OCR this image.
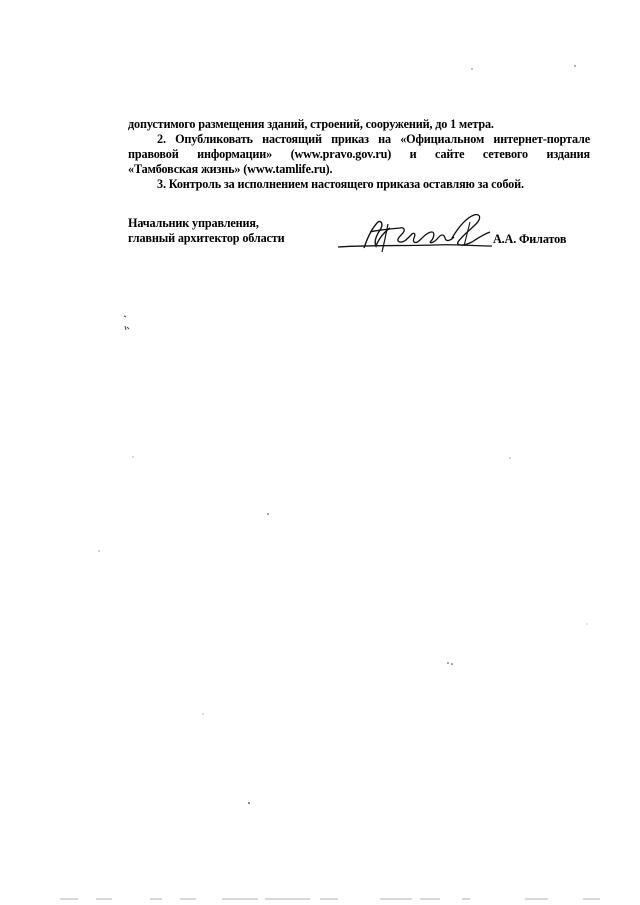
допустимого размещения зданий, строений, сооружений, до 1 метра.
2. Опубликовать настоящий приказ на «Официальном интернет-портале
правовой информации» (www.pravo.gov.ru) и сайте сетевого издания
«Тамбовская жизнь» (www.tamlife.ru).
3. Контроль за исполнением настоящего приказа оставляю за собой.
Начальник управления,
главный архитектор области	А.А. Филатов
